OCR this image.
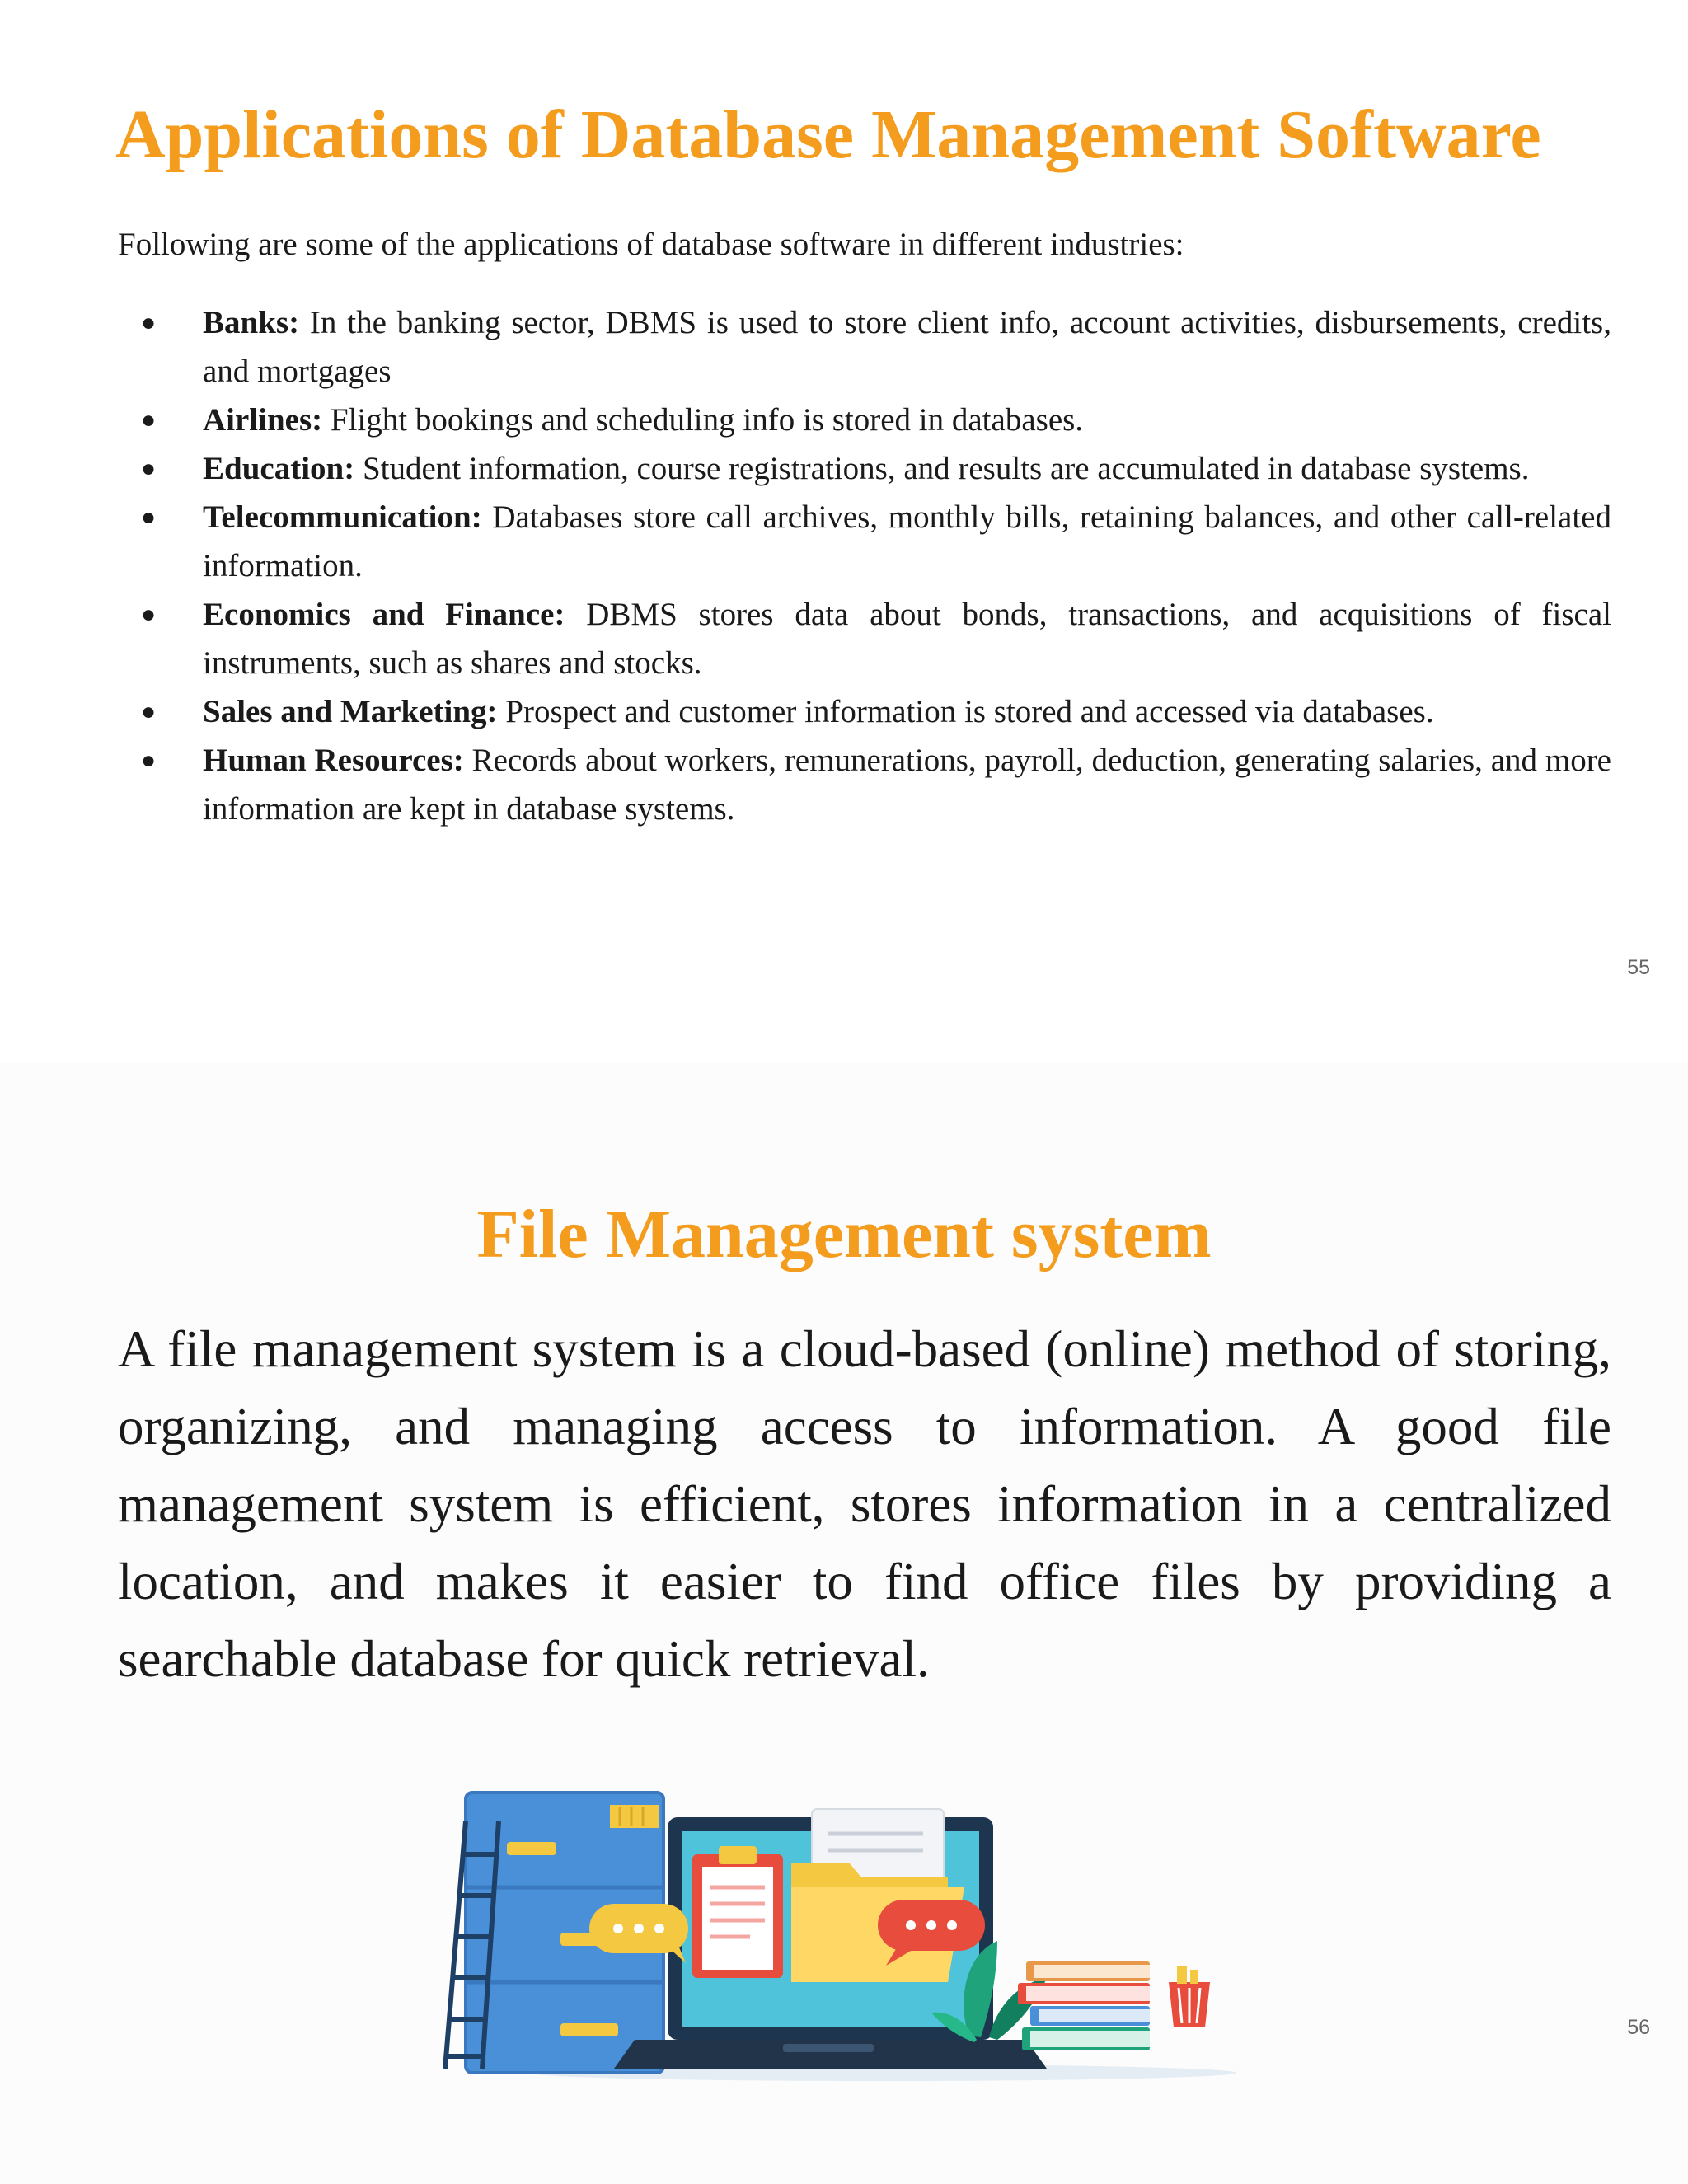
Applications of Database Management Software

Following are some of the applications of database software in different industries:

● Banks: In the banking sector, DBMS is used to store client info, account activities, disbursements, credits, and mortgages
● Airlines: Flight bookings and scheduling info is stored in databases.
● Education: Student information, course registrations, and results are accumulated in database systems.
● Telecommunication: Databases store call archives, monthly bills, retaining balances, and other call-related information.
● Economics and Finance: DBMS stores data about bonds, transactions, and acquisitions of fiscal instruments, such as shares and stocks.
● Sales and Marketing: Prospect and customer information is stored and accessed via databases.
● Human Resources: Records about workers, remunerations, payroll, deduction, generating salaries, and more information are kept in database systems.
55
File Management system

A file management system is a cloud-based (online) method of storing, organizing, and managing access to information. A good file management system is efficient, stores information in a centralized location, and makes it easier to find office files by providing a searchable database for quick retrieval.

56
